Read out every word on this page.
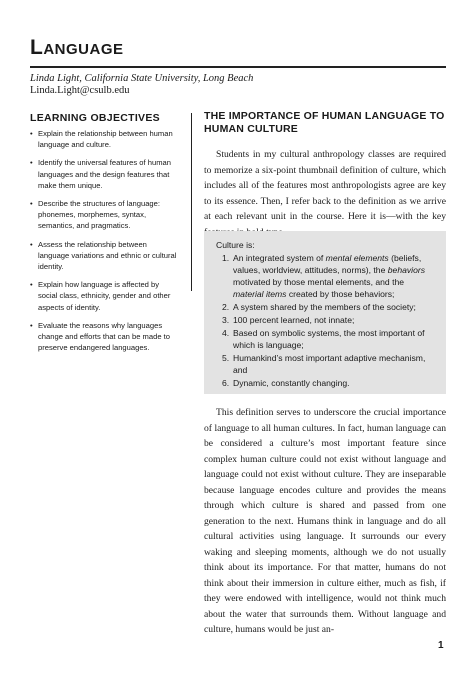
Language
Linda Light, California State University, Long Beach
Linda.Light@csulb.edu
LEARNING OBJECTIVES
• Explain the relationship between human language and culture.
• Identify the universal features of human languages and the design features that make them unique.
• Describe the structures of language: phonemes, morphemes, syntax, semantics, and pragmatics.
• Assess the relationship between language variations and ethnic or cultural identity.
• Explain how language is affected by social class, ethnicity, gender and other aspects of identity.
• Evaluate the reasons why languages change and efforts that can be made to preserve endangered languages.
THE IMPORTANCE OF HUMAN LANGUAGE TO HUMAN CULTURE

Students in my cultural anthropology classes are required to memorize a six-point thumbnail definition of culture, which includes all of the features most anthropologists agree are key to its essence. Then, I refer back to the definition as we arrive at each relevant unit in the course. Here it is—with the key

Culture is:
1. An integrated system of mental elements (beliefs, values, worldview, attitudes, norms), the behaviors motivated by those mental elements, and the material items created by those behaviors;
2. A system shared by the members of the society;
3. 100 percent learned, not innate;
4. Based on symbolic systems, the most important of which is language;
5. Humankind’s most important adaptive mechanism, and
6. Dynamic, constantly changing.

This definition serves to underscore the crucial importance of language to all human cultures. In fact, human language can be considered a culture’s most important feature since complex human culture could not exist without language and language could not exist without culture. They are inseparable because language encodes culture and provides the means through which culture is shared and passed from one generation to the next. Humans think in language and do all cultural activities using language. It surrounds our every waking and sleeping moments, although we do not usually think about its importance. For that matter, humans do not think about their immersion in culture either, much as fish, if they were endowed with intelligence, would not think much about the water that surrounds them. Without language and culture, humans would be just an-

1
